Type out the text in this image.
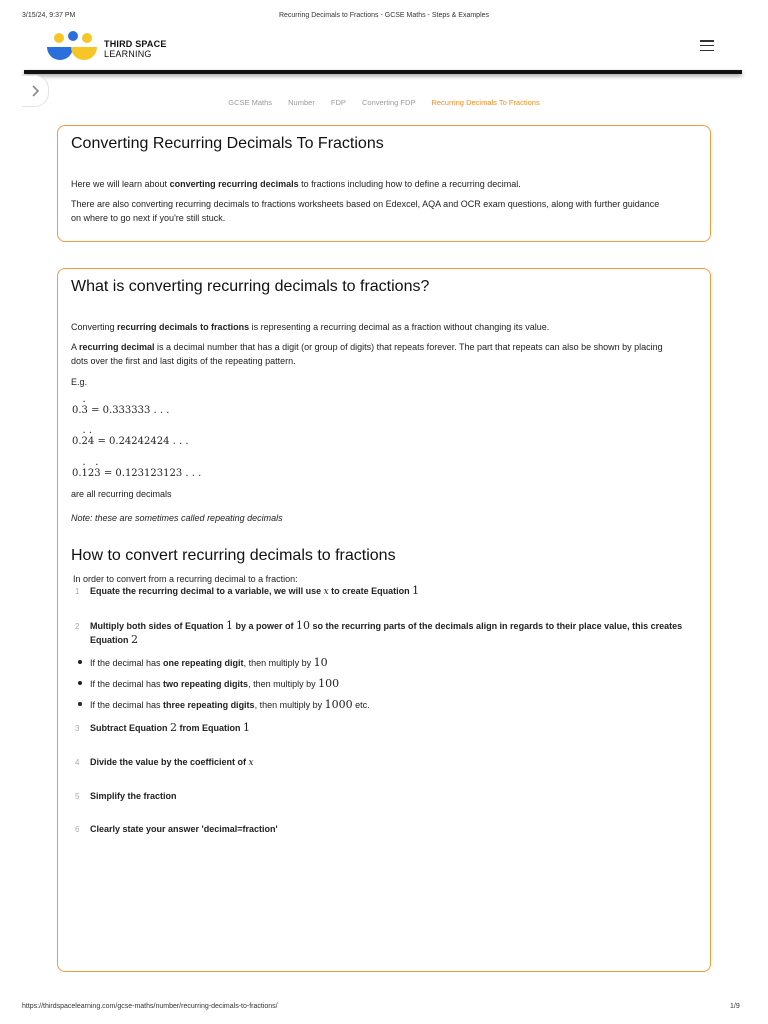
3/15/24, 9:37 PM	Recurring Decimals to Fractions - GCSE Maths - Steps & Examples
THIRD SPACE
LEARNING
GCSE Maths Number FDP Converting FDP Recurring Decimals To Fractions
Converting Recurring Decimals To Fractions

Here we will learn about converting recurring decimals to fractions including how to define a recurring decimal.

There are also converting recurring decimals to fractions worksheets based on Edexcel, AQA and OCR exam questions, along with further guidance on where to go next if you're still stuck.

What is converting recurring decimals to fractions?

Converting recurring decimals to fractions is representing a recurring decimal as a fraction without changing its value.

A recurring decimal is a decimal number that has a digit (or group of digits) that repeats forever. The part that repeats can also be shown by placing dots over the first and last digits of the repeating pattern.

E.g.

0.· 3 = 0.333333 . . .
0.· 2· 4 = 0.24242424 . . .
0.· 12· 3 = 0.123123123 . . .

are all recurring decimals

Note: these are sometimes called repeating decimals

How to convert recurring decimals to fractions

In order to convert from a recurring decimal to a fraction:

1 Equate the recurring decimal to a variable, we will use x to create Equation 1
2 Multiply both sides of Equation 1 by a power of 10 so the recurring parts of the decimals align in regards to their place value, this creates Equation 2
If the decimal has one repeating digit, then multiply by 10
If the decimal has two repeating digits, then multiply by 100
If the decimal has three repeating digits, then multiply by 1000 etc.
3 Subtract Equation 2 from Equation 1
4 Divide the value by the coefficient of x
5 Simplify the fraction
6 Clearly state your answer 'decimal=fraction'
https://thirdspacelearning.com/gcse-maths/number/recurring-decimals-to-fractions/	1/9
